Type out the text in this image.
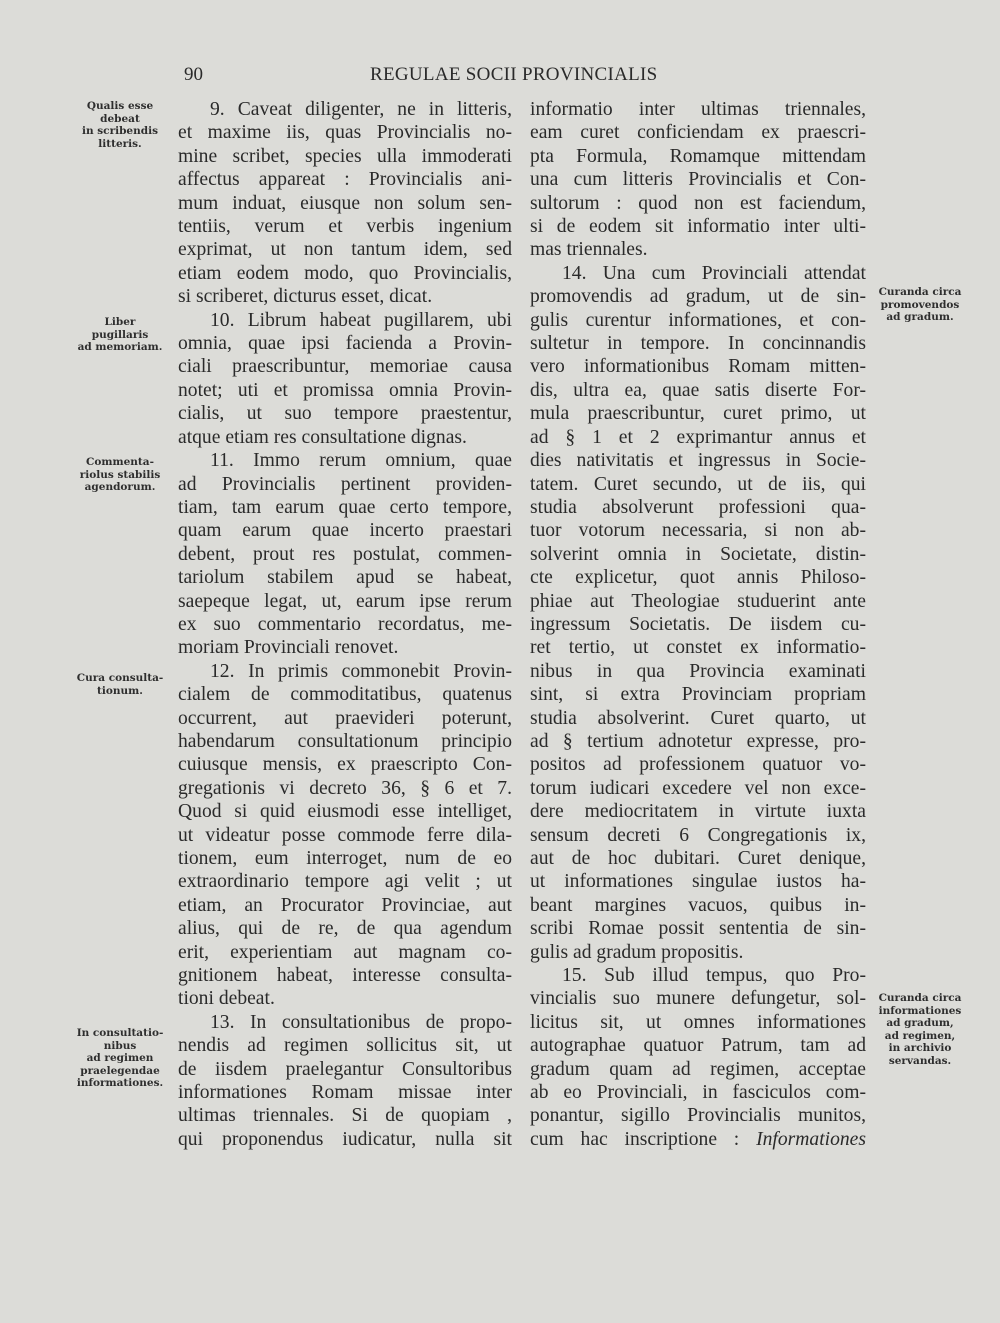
90	REGULAE SOCII PROVINCIALIS
Qualis esse
debeat
in scribendis
litteris.
Liber
pugillaris
ad memoriam.
Commenta-
riolus stabilis
agendorum.
Cura consulta-
tionum.
In consultatio-
nibus
ad regimen
praelegendae
informationes.
Curanda circa
promovendos
ad gradum.
Curanda circa
informationes
ad gradum,
ad regimen,
in archivio
servandas.
9. Caveat diligenter, ne in litteris,
et maxime iis, quas Provincialis no-
mine scribet, species ulla immoderati
affectus appareat : Provincialis ani-
mum induat, eiusque non solum sen-
tentiis, verum et verbis ingenium
exprimat, ut non tantum idem, sed
etiam eodem modo, quo Provincialis,
si scriberet, dicturus esset, dicat.
10. Librum habeat pugillarem, ubi
omnia, quae ipsi facienda a Provin-
ciali praescribuntur, memoriae causa
notet; uti et promissa omnia Provin-
cialis, ut suo tempore praestentur,
atque etiam res consultatione dignas.
11. Immo rerum omnium, quae
ad Provincialis pertinent providen-
tiam, tam earum quae certo tempore,
quam earum quae incerto praestari
debent, prout res postulat, commen-
tariolum stabilem apud se habeat,
saepeque legat, ut, earum ipse rerum
ex suo commentario recordatus, me-
moriam Provinciali renovet.
12. In primis commonebit Provin-
cialem de commoditatibus, quatenus
occurrent, aut praevideri poterunt,
habendarum consultationum principio
cuiusque mensis, ex praescripto Con-
gregationis vi decreto 36, § 6 et 7.
Quod si quid eiusmodi esse intelliget,
ut videatur posse commode ferre dila-
tionem, eum interroget, num de eo
extraordinario tempore agi velit ; ut
etiam, an Procurator Provinciae, aut
alius, qui de re, de qua agendum
erit, experientiam aut magnam co-
gnitionem habeat, interesse consulta-
tioni debeat.
13. In consultationibus de propo-
nendis ad regimen sollicitus sit, ut
de iisdem praelegantur Consultoribus
informationes Romam missae inter
ultimas triennales. Si de quopiam ,
qui proponendus iudicatur, nulla sit
informatio inter ultimas triennales,
eam curet conficiendam ex praescri-
pta Formula, Romamque mittendam
una cum litteris Provincialis et Con-
sultorum : quod non est faciendum,
si de eodem sit informatio inter ulti-
mas triennales.
14. Una cum Provinciali attendat
promovendis ad gradum, ut de sin-
gulis curentur informationes, et con-
sultetur in tempore. In concinnandis
vero informationibus Romam mitten-
dis, ultra ea, quae satis diserte For-
mula praescribuntur, curet primo, ut
ad § 1 et 2 exprimantur annus et
dies nativitatis et ingressus in Socie-
tatem. Curet secundo, ut de iis, qui
studia absolverunt professioni qua-
tuor votorum necessaria, si non ab-
solverint omnia in Societate, distin-
cte explicetur, quot annis Philoso-
phiae aut Theologiae studuerint ante
ingressum Societatis. De iisdem cu-
ret tertio, ut constet ex informatio-
nibus in qua Provincia examinati
sint, si extra Provinciam propriam
studia absolverint. Curet quarto, ut
ad § tertium adnotetur expresse, pro-
positos ad professionem quatuor vo-
torum iudicari excedere vel non exce-
dere mediocritatem in virtute iuxta
sensum decreti 6 Congregationis ix,
aut de hoc dubitari. Curet denique,
ut informationes singulae iustos ha-
beant margines vacuos, quibus in-
scribi Romae possit sententia de sin-
gulis ad gradum propositis.
15. Sub illud tempus, quo Pro-
vincialis suo munere defungetur, sol-
licitus sit, ut omnes informationes
autographae quatuor Patrum, tam ad
gradum quam ad regimen, acceptae
ab eo Provinciali, in fasciculos com-
ponantur, sigillo Provincialis munitos,
cum hac inscriptione : Informationes
